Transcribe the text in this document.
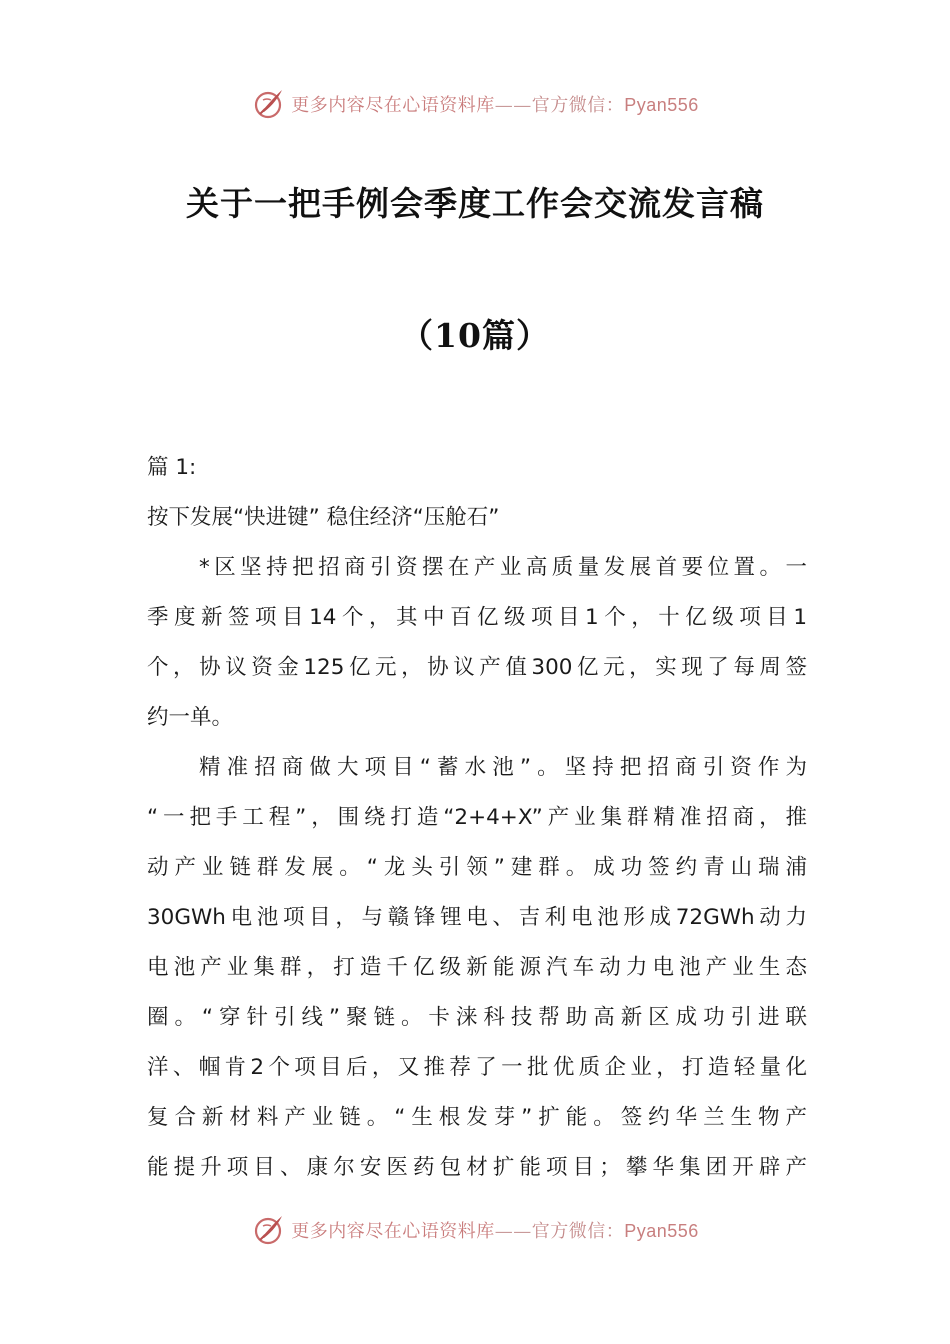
更多内容尽在心语资料库——官方微信：Pyan556
关于一把手例会季度工作会交流发言稿
（10篇）
篇 1:
按下发展“快进键” 稳住经济“压舱石”
*区坚持把招商引资摆在产业高质量发展首要位置。一
季度新签项目14个，其中百亿级项目1个，十亿级项目1
个，协议资金125亿元，协议产值300亿元，实现了每周签
约一单。
精准招商做大项目“蓄水池”。坚持把招商引资作为
“一把手工程”，围绕打造“2+4+X”产业集群精准招商，推
动产业链群发展。“龙头引领”建群。成功签约青山瑞浦
30GWh电池项目，与赣锋锂电、吉利电池形成72GWh动力
电池产业集群，打造千亿级新能源汽车动力电池产业生态
圈。“穿针引线”聚链。卡涞科技帮助高新区成功引进联
洋、帼肯2个项目后，又推荐了一批优质企业，打造轻量化
复合新材料产业链。“生根发芽”扩能。签约华兰生物产
能提升项目、康尔安医药包材扩能项目；攀华集团开辟产
更多内容尽在心语资料库——官方微信：Pyan556
